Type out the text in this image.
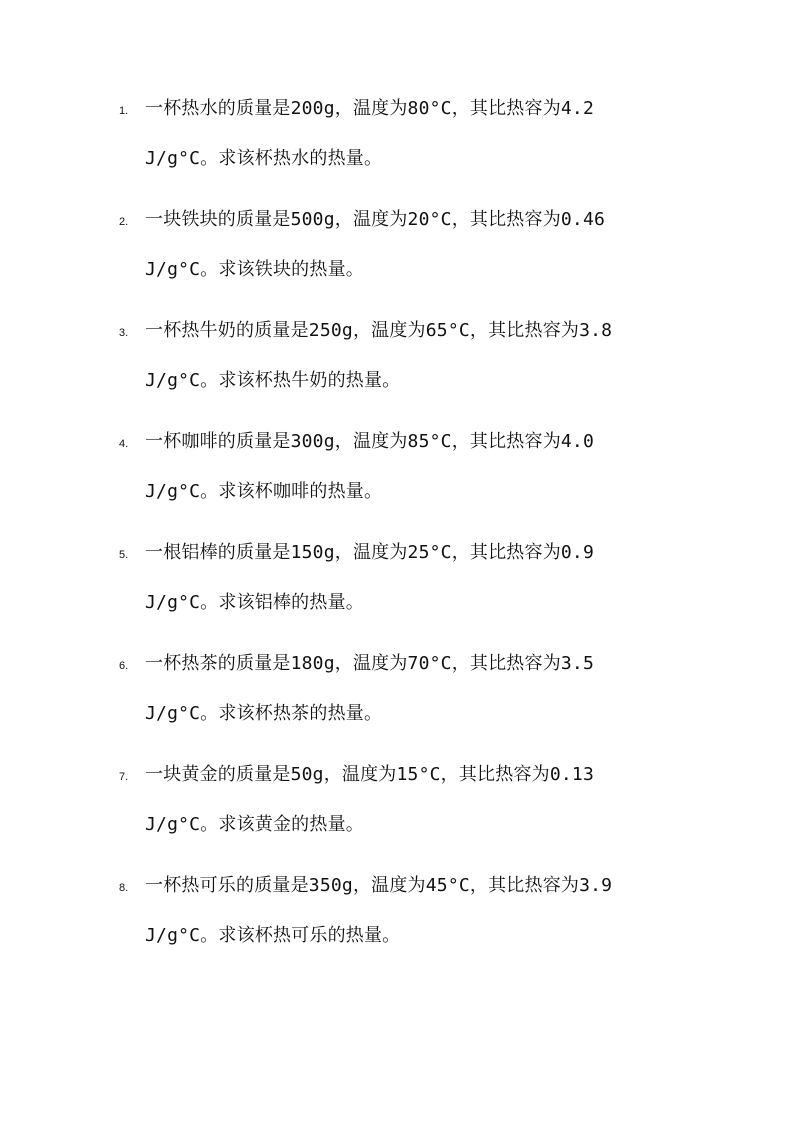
1. 一杯热水的质量是200g，温度为80°C，其比热容为4.2
J/g°C。求该杯热水的热量。
2. 一块铁块的质量是500g，温度为20°C，其比热容为0.46
J/g°C。求该铁块的热量。
3. 一杯热牛奶的质量是250g，温度为65°C，其比热容为3.8
J/g°C。求该杯热牛奶的热量。
4. 一杯咖啡的质量是300g，温度为85°C，其比热容为4.0
J/g°C。求该杯咖啡的热量。
5. 一根铝棒的质量是150g，温度为25°C，其比热容为0.9
J/g°C。求该铝棒的热量。
6. 一杯热茶的质量是180g，温度为70°C，其比热容为3.5
J/g°C。求该杯热茶的热量。
7. 一块黄金的质量是50g，温度为15°C，其比热容为0.13
J/g°C。求该黄金的热量。
8. 一杯热可乐的质量是350g，温度为45°C，其比热容为3.9
J/g°C。求该杯热可乐的热量。
